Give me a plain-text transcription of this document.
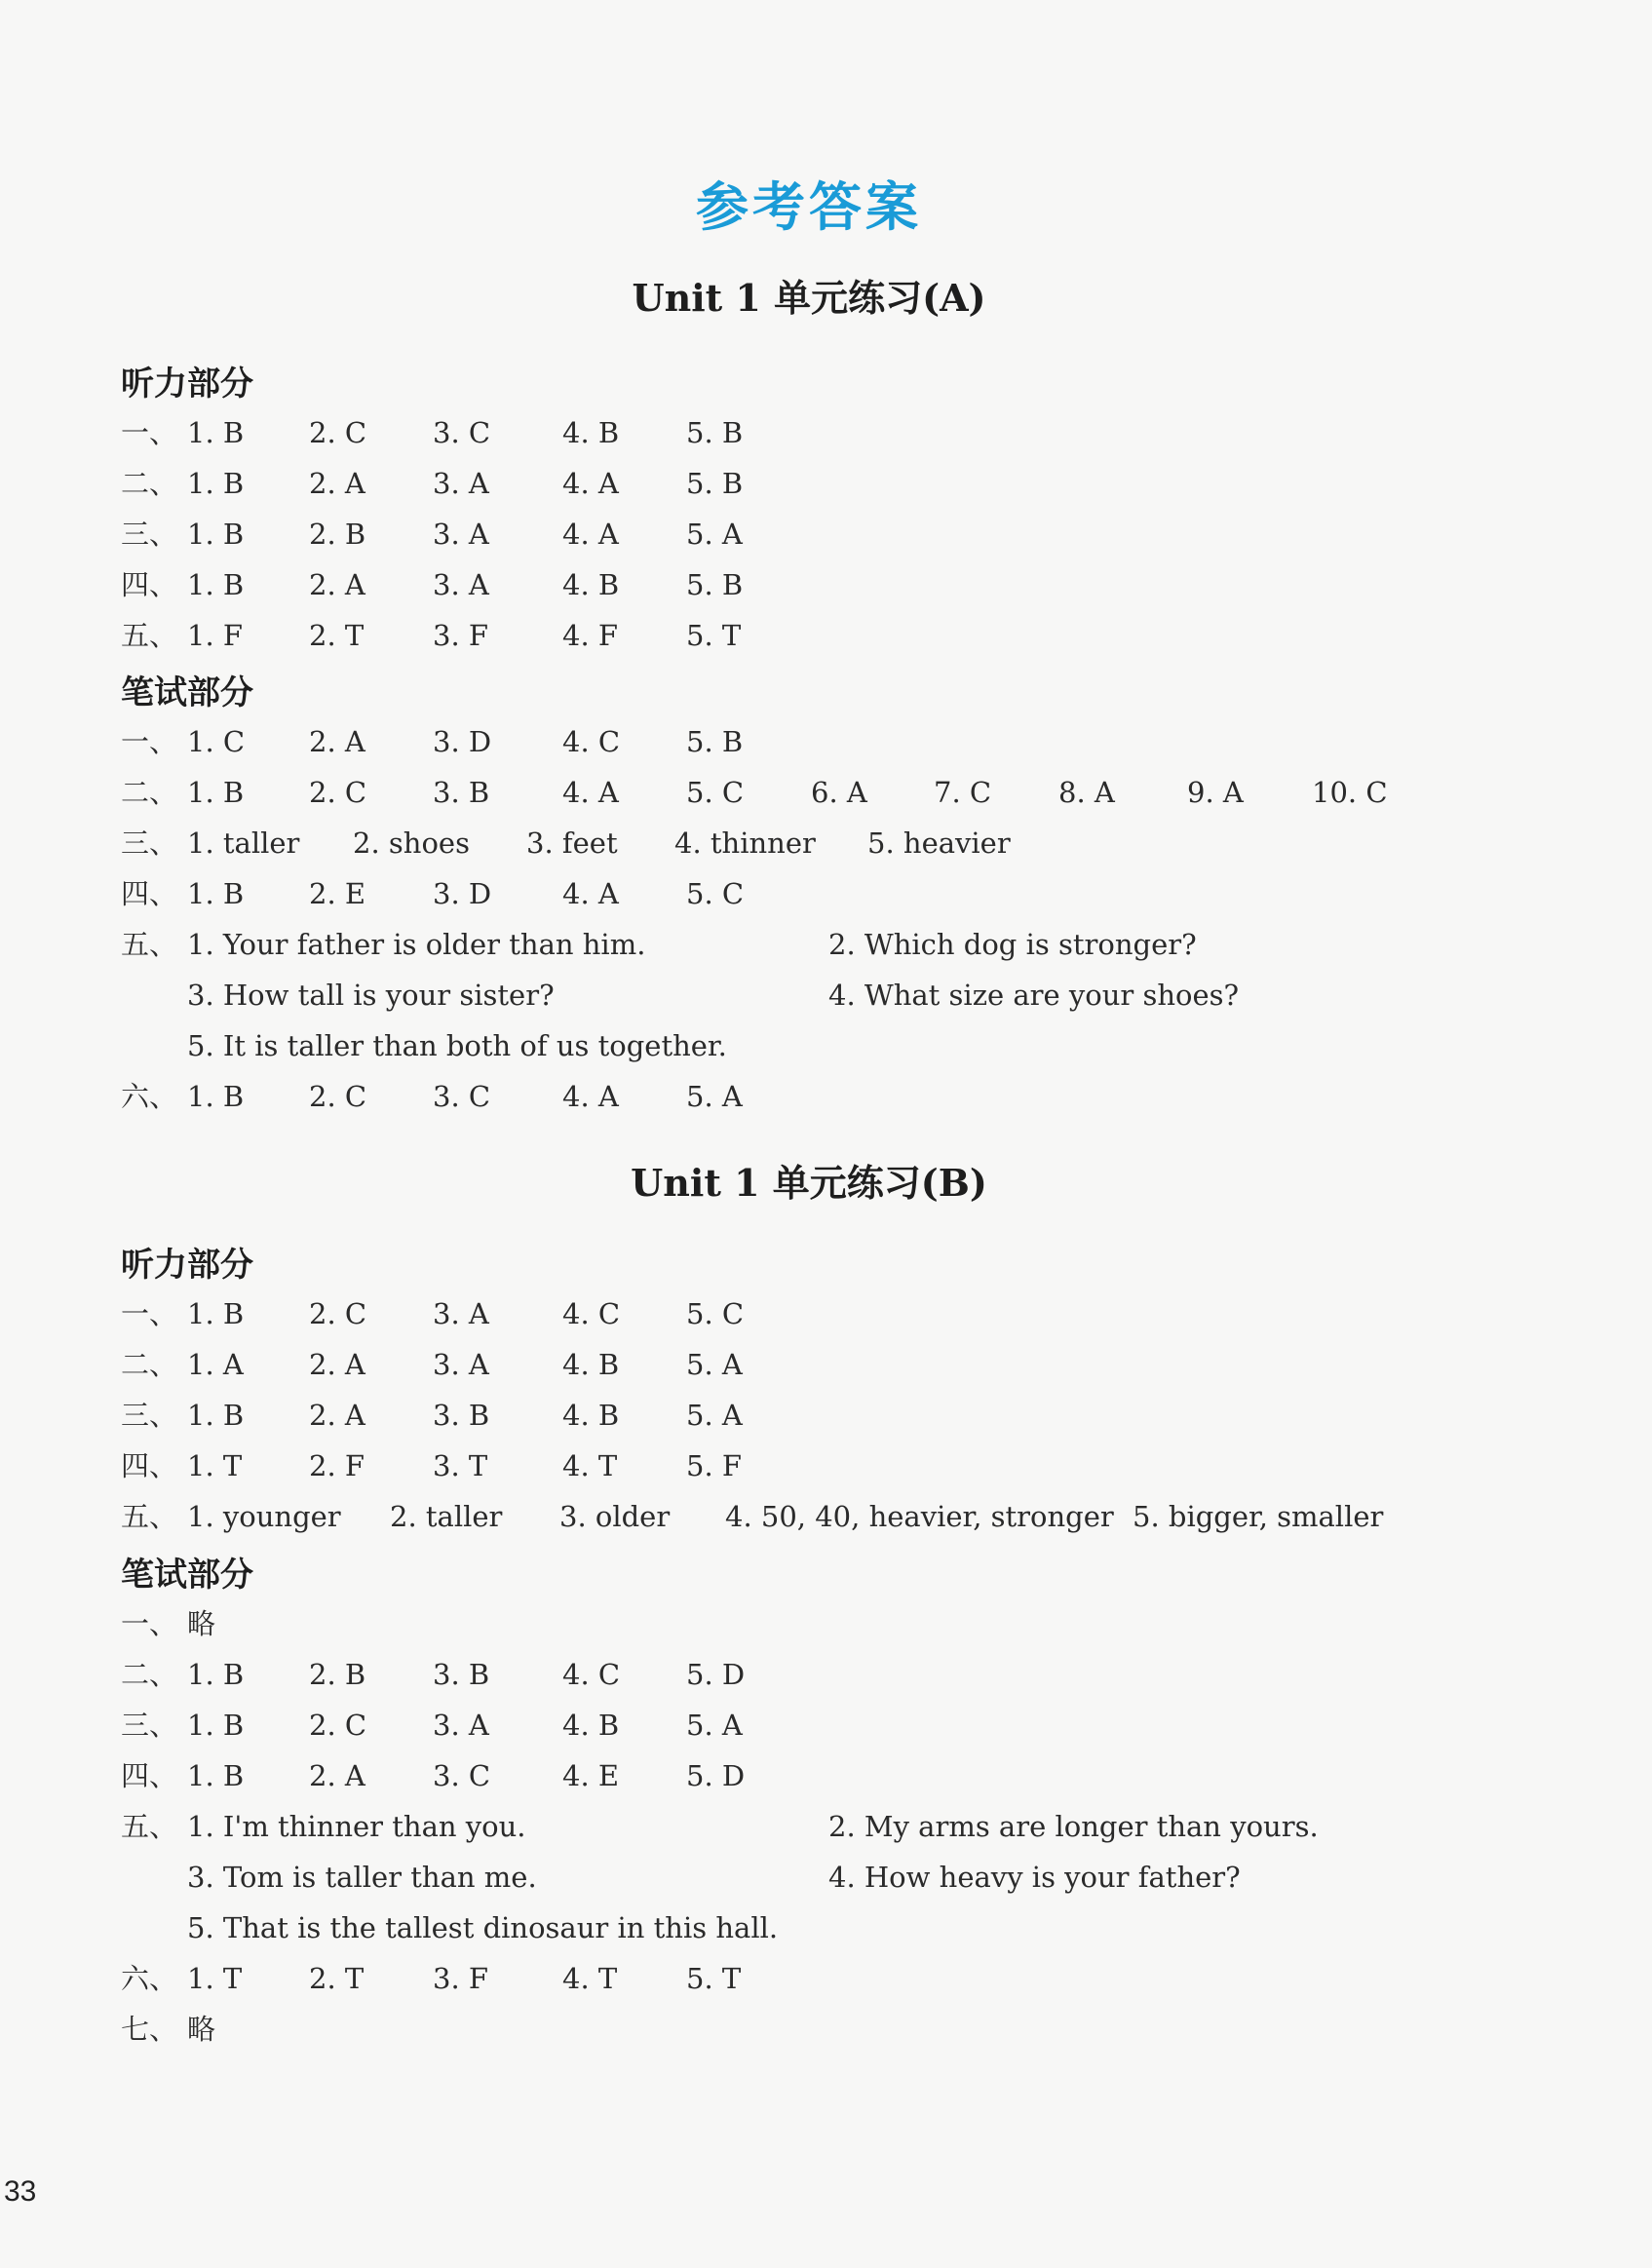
参考答案
Unit 1 单元练习(A)
听力部分
一、 1. B 2. C 3. C	4. B 5. B
二、 1. B 2. A 3. A	4. A 5. B
三、 1. B 2. B 3. A	4. A 5. A
四、 1. B 2. A 3. A	4. B 5. B
五、 1. F 2. T 3. F	4. F 5. T
笔试部分
一、 1. C 2. A 3. D	4. C 5. B
二、 1. B 2. C 3. B	4. A 5. C 6. A 7. C 8. A	9. A 10. C
三、 1. taller 2. shoes 3. feet 4. thinner 5. heavier
四、 1. B 2. E 3. D	4. A 5. C
五、 1. Your father is older than him.	2. Which dog is stronger?
3. How tall is your sister?	4. What size are your shoes?
5. It is taller than both of us together.
六、 1. B 2. C 3. C	4. A 5. A
Unit 1 单元练习(B)
听力部分
一、 1. B 2. C 3. A	4. C 5. C
二、 1. A 2. A 3. A	4. B 5. A
三、 1. B 2. A 3. B	4. B 5. A
四、 1. T 2. F 3. T	4. T 5. F
五、 1. younger 2. taller 3. older 4. 50, 40, heavier, stronger 5. bigger, smaller
笔试部分
一、 略
二、 1. B 2. B 3. B	4. C 5. D
三、 1. B 2. C 3. A	4. B 5. A
四、 1. B 2. A 3. C	4. E 5. D
五、 1. I'm thinner than you.	2. My arms are longer than yours.
3. Tom is taller than me.	4. How heavy is your father?
5. That is the tallest dinosaur in this hall.
六、 1. T 2. T 3. F	4. T 5. T
七、 略
33
